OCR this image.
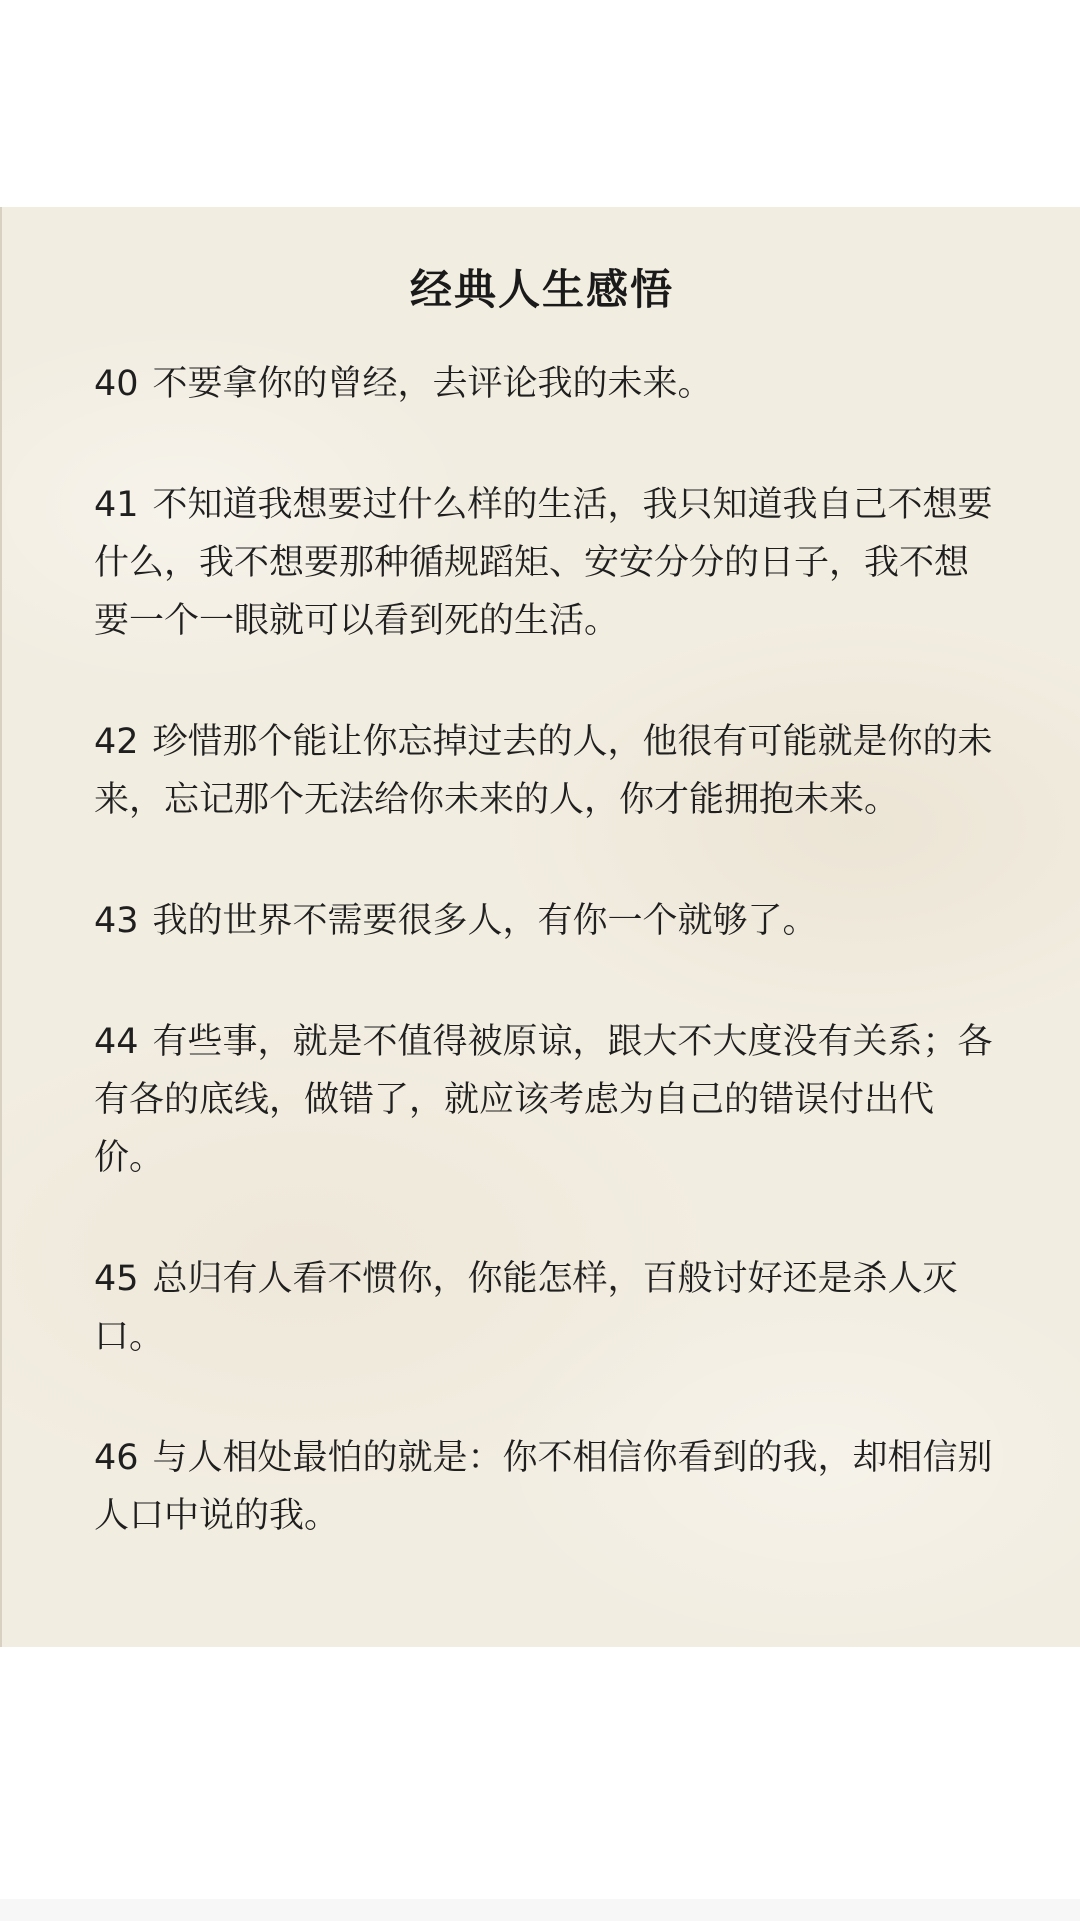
经典人生感悟
40 不要拿你的曾经，去评论我的未来。
41 不知道我想要过什么样的生活，我只知道我自己不想要什么，我不想要那种循规蹈矩、安安分分的日子，我不想要一个一眼就可以看到死的生活。
42 珍惜那个能让你忘掉过去的人，他很有可能就是你的未来，忘记那个无法给你未来的人，你才能拥抱未来。
43 我的世界不需要很多人，有你一个就够了。
44 有些事，就是不值得被原谅，跟大不大度没有关系；各有各的底线，做错了，就应该考虑为自己的错误付出代价。
45 总归有人看不惯你，你能怎样，百般讨好还是杀人灭口。
46 与人相处最怕的就是：你不相信你看到的我，却相信别人口中说的我。
